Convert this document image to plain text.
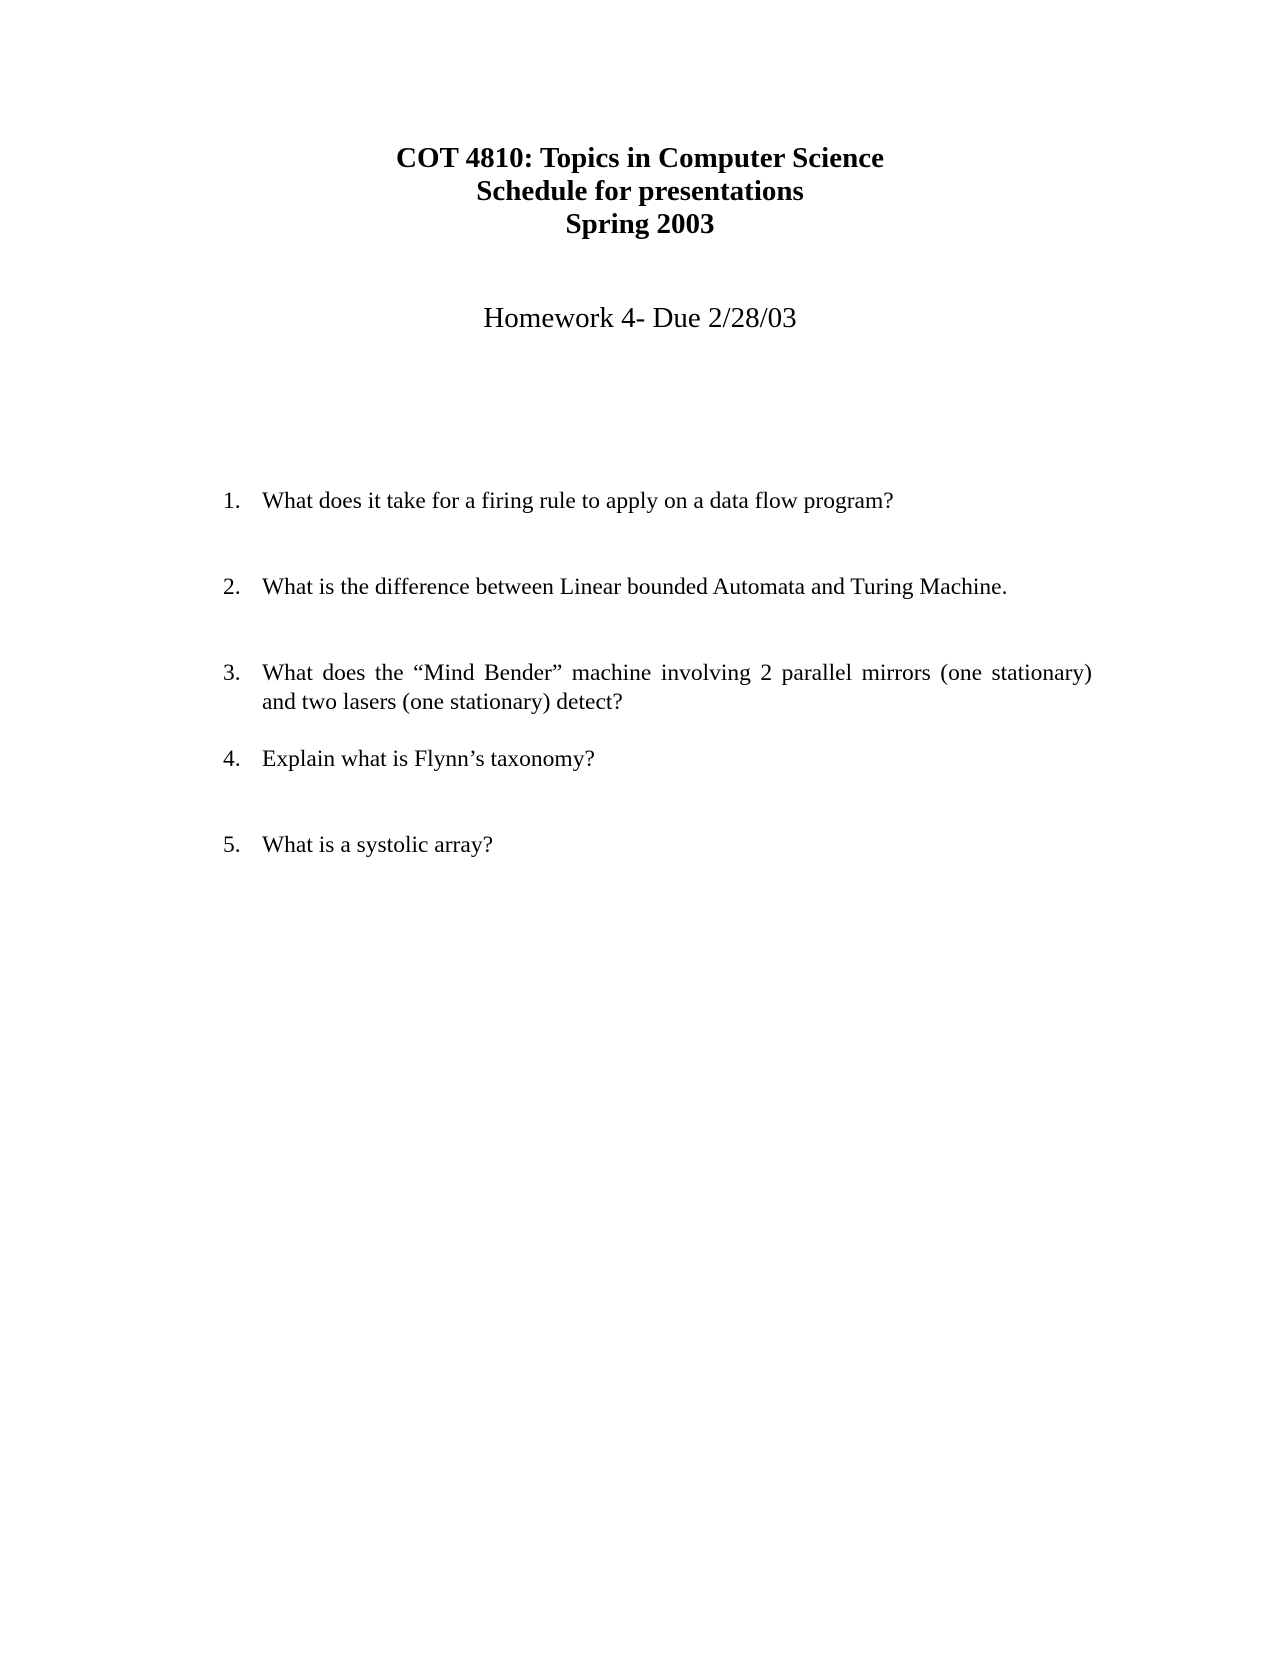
COT 4810: Topics in Computer Science
Schedule for presentations
Spring 2003
Homework 4- Due 2/28/03
1. What does it take for a firing rule to apply on a data flow program?
2. What is the difference between Linear bounded Automata and Turing Machine.
3. What does the “Mind Bender” machine involving 2 parallel mirrors (one stationary) and two lasers (one stationary) detect?
4. Explain what is Flynn’s taxonomy?
5. What is a systolic array?
